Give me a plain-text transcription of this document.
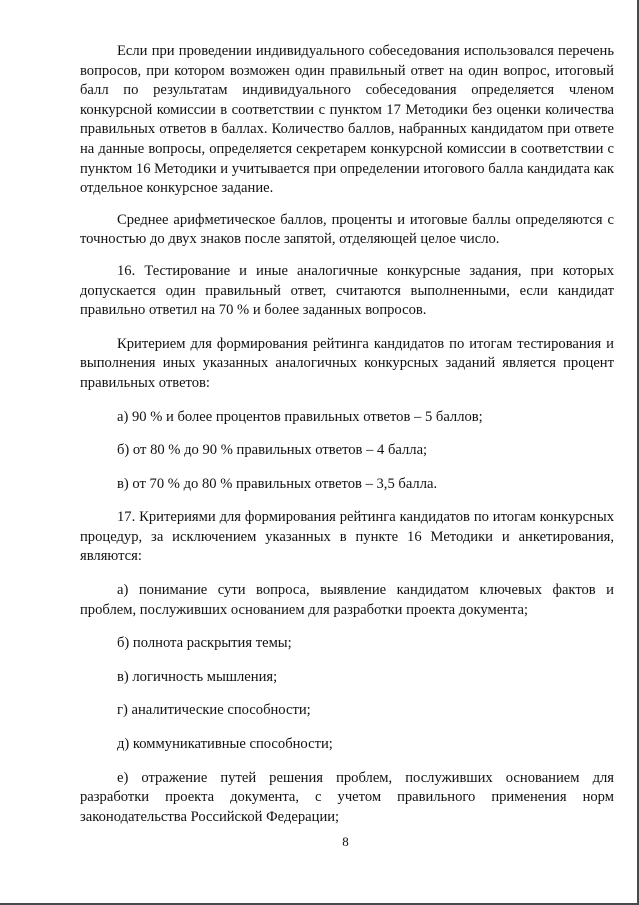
Если при проведении индивидуального собеседования использовался перечень вопросов, при котором возможен один правильный ответ на один вопрос, итоговый балл по результатам индивидуального собеседования определяется членом конкурсной комиссии в соответствии с пунктом 17 Методики без оценки количества правильных ответов в баллах. Количество баллов, набранных кандидатом при ответе на данные вопросы, определяется секретарем конкурсной комиссии в соответствии с пунктом 16 Методики и учитывается при определении итогового балла кандидата как отдельное конкурсное задание.

Среднее арифметическое баллов, проценты и итоговые баллы определяются с точностью до двух знаков после запятой, отделяющей целое число.

16. Тестирование и иные аналогичные конкурсные задания, при которых допускается один правильный ответ, считаются выполненными, если кандидат правильно ответил на 70 % и более заданных вопросов.

Критерием для формирования рейтинга кандидатов по итогам тестирования и выполнения иных указанных аналогичных конкурсных заданий является процент правильных ответов:

а) 90 % и более процентов правильных ответов – 5 баллов;

б) от 80 % до 90 % правильных ответов – 4 балла;

в) от 70 % до 80 % правильных ответов – 3,5 балла.

17. Критериями для формирования рейтинга кандидатов по итогам конкурсных процедур, за исключением указанных в пункте 16 Методики и анкетирования, являются:

а) понимание сути вопроса, выявление кандидатом ключевых фактов и проблем, послуживших основанием для разработки проекта документа;

б) полнота раскрытия темы;

в) логичность мышления;

г) аналитические способности;

д) коммуникативные способности;

е) отражение путей решения проблем, послуживших основанием для разработки проекта документа, с учетом правильного применения норм законодательства Российской Федерации;

8
